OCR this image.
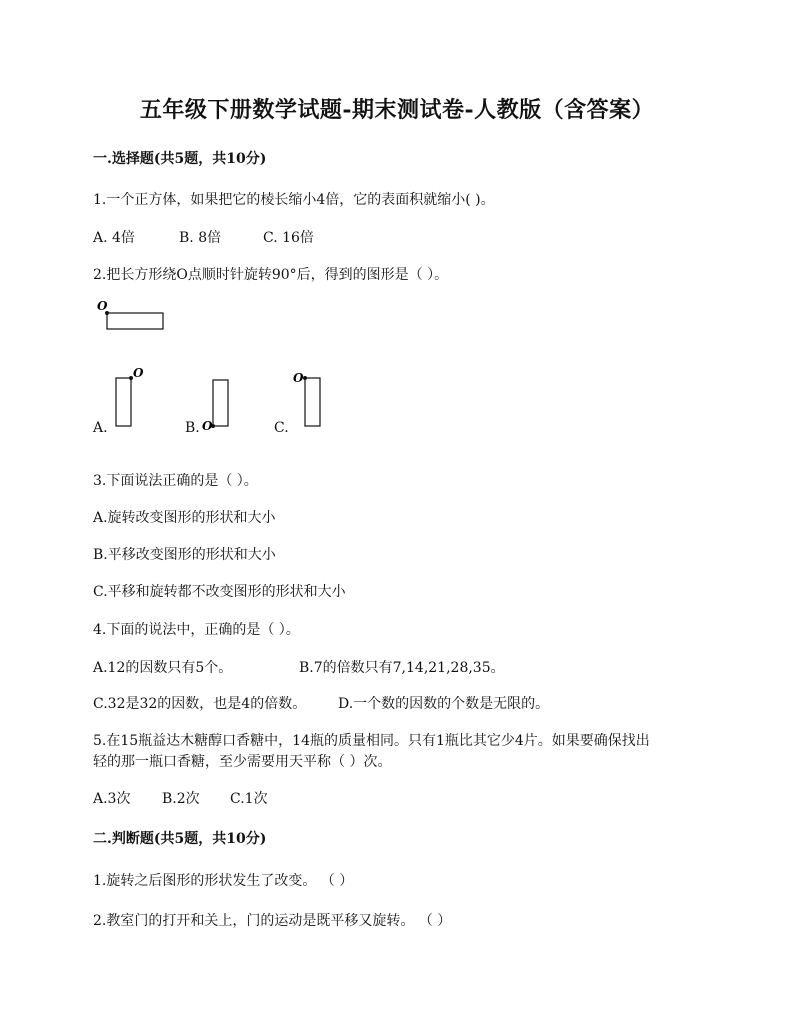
五年级下册数学试题-期末测试卷-人教版（含答案）
一.选择题(共5题，共10分)
1.一个正方体，如果把它的棱长缩小4倍，它的表面积就缩小( )。
A. 4倍	B. 8倍	C. 16倍
2.把长方形绕O点顺时针旋转90°后，得到的图形是（ ）。
O
O
O
O
A.	B.	C.
3.下面说法正确的是（ ）。
A.旋转改变图形的形状和大小
B.平移改变图形的形状和大小
C.平移和旋转都不改变图形的形状和大小
4.下面的说法中，正确的是（ ）。
A.12的因数只有5个。	B.7的倍数只有7,14,21,28,35。
C.32是32的因数，也是4的倍数。 D.一个数的因数的个数是无限的。
5.在15瓶益达木糖醇口香糖中，14瓶的质量相同。只有1瓶比其它少4片。如果要确保找出
轻的那一瓶口香糖，至少需要用天平称（ ）次。
A.3次 B.2次 C.1次
二.判断题(共5题，共10分)
1.旋转之后图形的形状发生了改变。 （ ）
2.教室门的打开和关上，门的运动是既平移又旋转。 （ ）
